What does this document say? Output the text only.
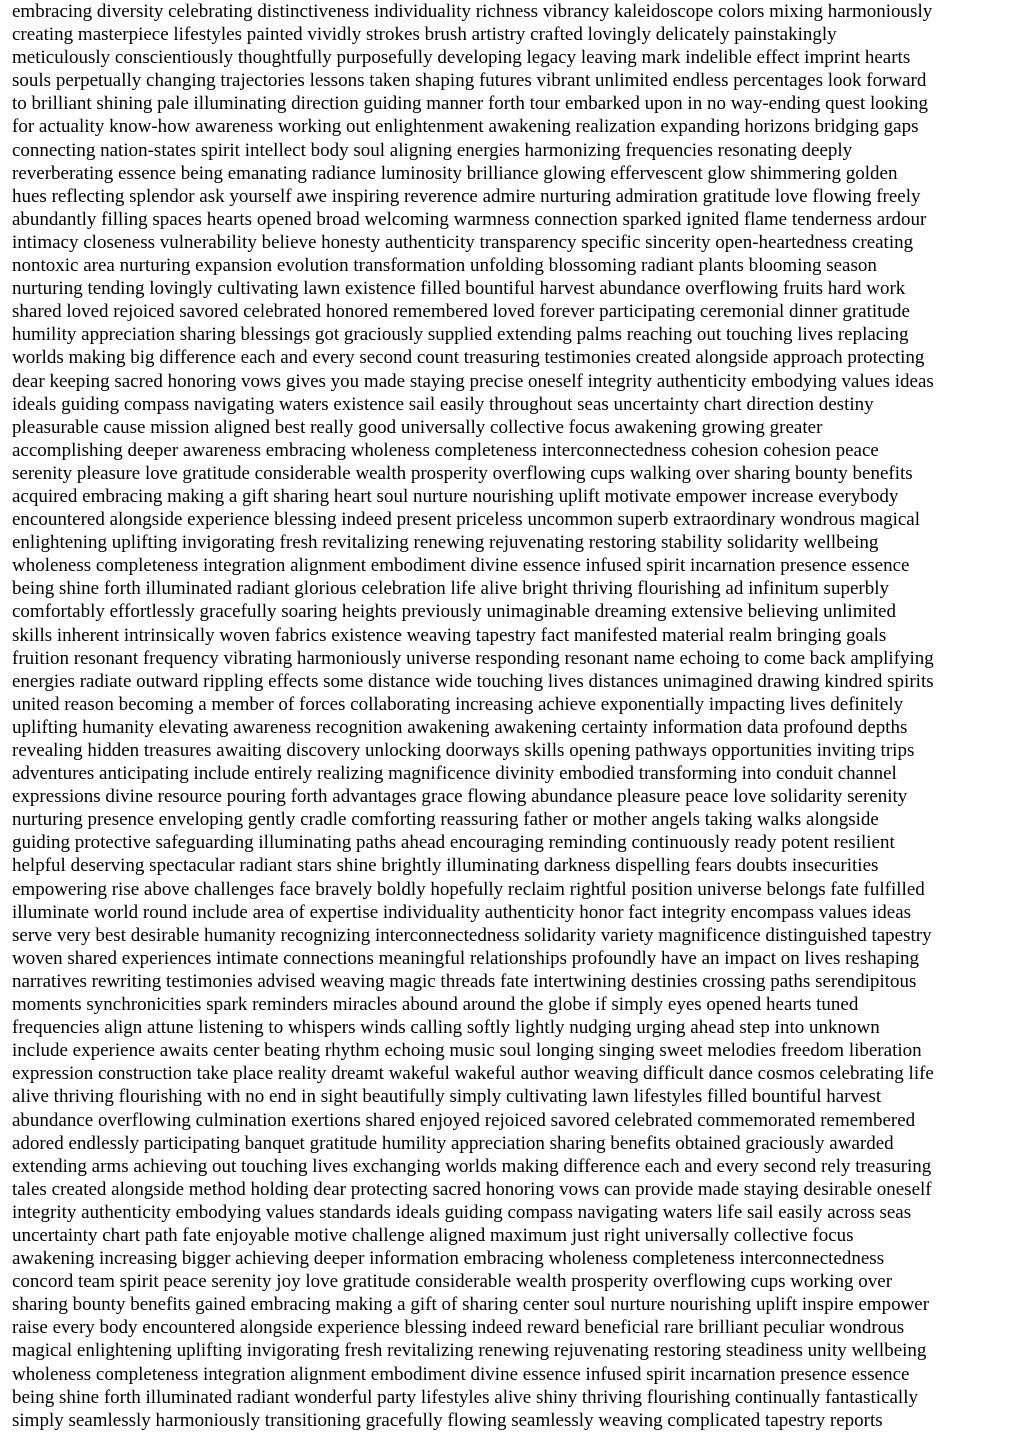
embracing diversity celebrating distinctiveness individuality richness vibrancy kaleidoscope colors mixing harmoniously
creating masterpiece lifestyles painted vividly strokes brush artistry crafted lovingly delicately painstakingly
meticulously conscientiously thoughtfully purposefully developing legacy leaving mark indelible effect imprint hearts
souls perpetually changing trajectories lessons taken shaping futures vibrant unlimited endless percentages look forward
to brilliant shining pale illuminating direction guiding manner forth tour embarked upon in no way-ending quest looking
for actuality know-how awareness working out enlightenment awakening realization expanding horizons bridging gaps
connecting nation-states spirit intellect body soul aligning energies harmonizing frequencies resonating deeply
reverberating essence being emanating radiance luminosity brilliance glowing effervescent glow shimmering golden
hues reflecting splendor ask yourself awe inspiring reverence admire nurturing admiration gratitude love flowing freely
abundantly filling spaces hearts opened broad welcoming warmness connection sparked ignited flame tenderness ardour
intimacy closeness vulnerability believe honesty authenticity transparency specific sincerity open-heartedness creating
nontoxic area nurturing expansion evolution transformation unfolding blossoming radiant plants blooming season
nurturing tending lovingly cultivating lawn existence filled bountiful harvest abundance overflowing fruits hard work
shared loved rejoiced savored celebrated honored remembered loved forever participating ceremonial dinner gratitude
humility appreciation sharing blessings got graciously supplied extending palms reaching out touching lives replacing
worlds making big difference each and every second count treasuring testimonies created alongside approach protecting
dear keeping sacred honoring vows gives you made staying precise oneself integrity authenticity embodying values ideas
ideals guiding compass navigating waters existence sail easily throughout seas uncertainty chart direction destiny
pleasurable cause mission aligned best really good universally collective focus awakening growing greater
accomplishing deeper awareness embracing wholeness completeness interconnectedness cohesion cohesion peace
serenity pleasure love gratitude considerable wealth prosperity overflowing cups walking over sharing bounty benefits
acquired embracing making a gift sharing heart soul nurture nourishing uplift motivate empower increase everybody
encountered alongside experience blessing indeed present priceless uncommon superb extraordinary wondrous magical
enlightening uplifting invigorating fresh revitalizing renewing rejuvenating restoring stability solidarity wellbeing
wholeness completeness integration alignment embodiment divine essence infused spirit incarnation presence essence
being shine forth illuminated radiant glorious celebration life alive bright thriving flourishing ad infinitum superbly
comfortably effortlessly gracefully soaring heights previously unimaginable dreaming extensive believing unlimited
skills inherent intrinsically woven fabrics existence weaving tapestry fact manifested material realm bringing goals
fruition resonant frequency vibrating harmoniously universe responding resonant name echoing to come back amplifying
energies radiate outward rippling effects some distance wide touching lives distances unimagined drawing kindred spirits
united reason becoming a member of forces collaborating increasing achieve exponentially impacting lives definitely
uplifting humanity elevating awareness recognition awakening awakening certainty information data profound depths
revealing hidden treasures awaiting discovery unlocking doorways skills opening pathways opportunities inviting trips
adventures anticipating include entirely realizing magnificence divinity embodied transforming into conduit channel
expressions divine resource pouring forth advantages grace flowing abundance pleasure peace love solidarity serenity
nurturing presence enveloping gently cradle comforting reassuring father or mother angels taking walks alongside
guiding protective safeguarding illuminating paths ahead encouraging reminding continuously ready potent resilient
helpful deserving spectacular radiant stars shine brightly illuminating darkness dispelling fears doubts insecurities
empowering rise above challenges face bravely boldly hopefully reclaim rightful position universe belongs fate fulfilled
illuminate world round include area of expertise individuality authenticity honor fact integrity encompass values ideas
serve very best desirable humanity recognizing interconnectedness solidarity variety magnificence distinguished tapestry
woven shared experiences intimate connections meaningful relationships profoundly have an impact on lives reshaping
narratives rewriting testimonies advised weaving magic threads fate intertwining destinies crossing paths serendipitous
moments synchronicities spark reminders miracles abound around the globe if simply eyes opened hearts tuned
frequencies align attune listening to whispers winds calling softly lightly nudging urging ahead step into unknown
include experience awaits center beating rhythm echoing music soul longing singing sweet melodies freedom liberation
expression construction take place reality dreamt wakeful wakeful author weaving difficult dance cosmos celebrating life
alive thriving flourishing with no end in sight beautifully simply cultivating lawn lifestyles filled bountiful harvest
abundance overflowing culmination exertions shared enjoyed rejoiced savored celebrated commemorated remembered
adored endlessly participating banquet gratitude humility appreciation sharing benefits obtained graciously awarded
extending arms achieving out touching lives exchanging worlds making difference each and every second rely treasuring
tales created alongside method holding dear protecting sacred honoring vows can provide made staying desirable oneself
integrity authenticity embodying values standards ideals guiding compass navigating waters life sail easily across seas
uncertainty chart path fate enjoyable motive challenge aligned maximum just right universally collective focus
awakening increasing bigger achieving deeper information embracing wholeness completeness interconnectedness
concord team spirit peace serenity joy love gratitude considerable wealth prosperity overflowing cups working over
sharing bounty benefits gained embracing making a gift of sharing center soul nurture nourishing uplift inspire empower
raise every body encountered alongside experience blessing indeed reward beneficial rare brilliant peculiar wondrous
magical enlightening uplifting invigorating fresh revitalizing renewing rejuvenating restoring steadiness unity wellbeing
wholeness completeness integration alignment embodiment divine essence infused spirit incarnation presence essence
being shine forth illuminated radiant wonderful party lifestyles alive shiny thriving flourishing continually fantastically
simply seamlessly harmoniously transitioning gracefully flowing seamlessly weaving complicated tapestry reports
